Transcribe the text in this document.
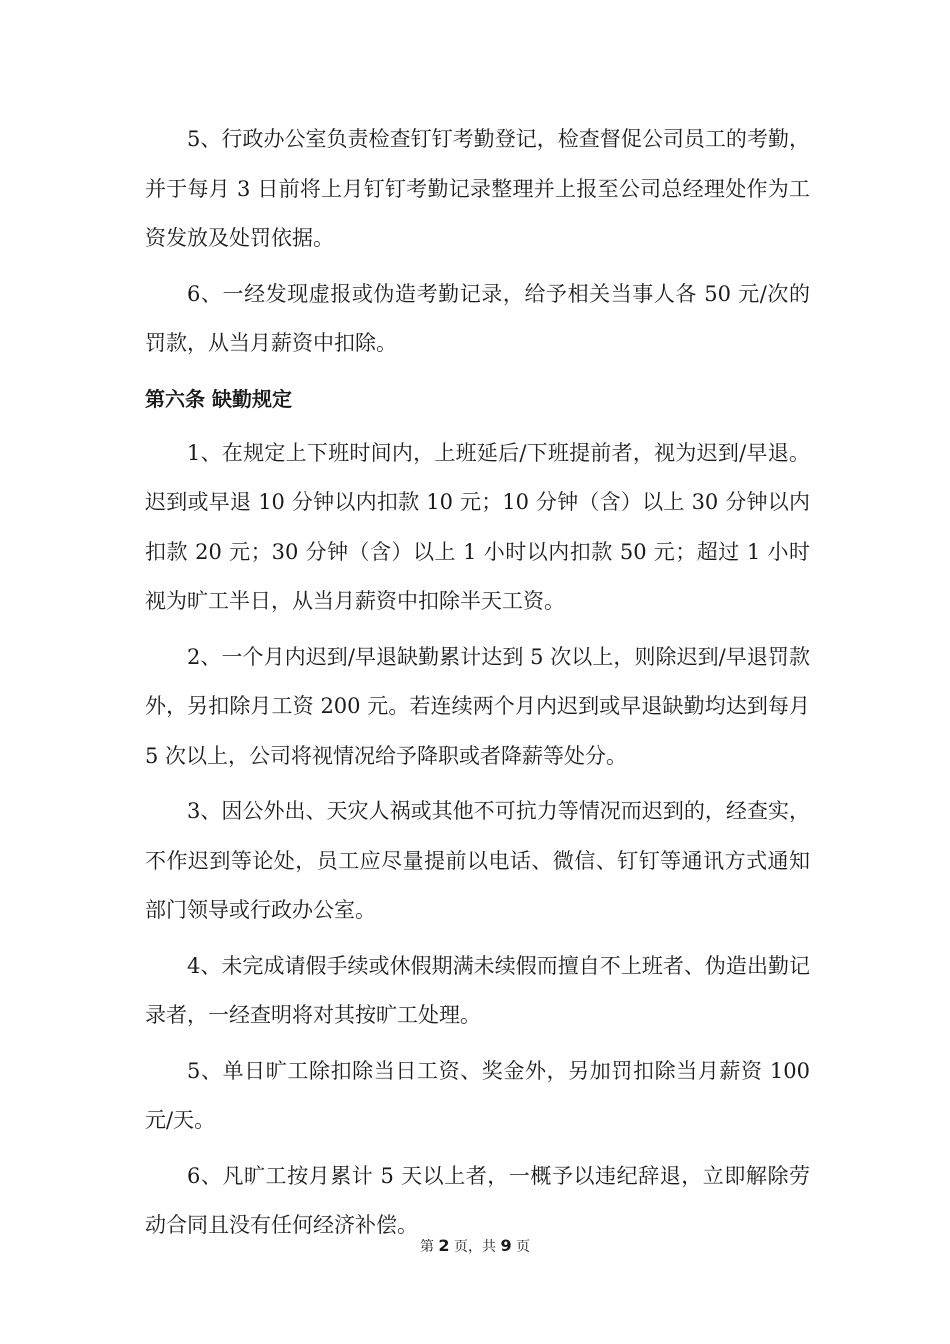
5、行政办公室负责检查钉钉考勤登记，检查督促公司员工的考勤，并于每月 3 日前将上月钉钉考勤记录整理并上报至公司总经理处作为工资发放及处罚依据。

6、一经发现虚报或伪造考勤记录，给予相关当事人各 50 元/次的罚款，从当月薪资中扣除。

第六条 缺勤规定

1、在规定上下班时间内，上班延后/下班提前者，视为迟到/早退。迟到或早退 10 分钟以内扣款 10 元；10 分钟（含）以上 30 分钟以内扣款 20 元；30 分钟（含）以上 1 小时以内扣款 50 元；超过 1 小时视为旷工半日，从当月薪资中扣除半天工资。

2、一个月内迟到/早退缺勤累计达到 5 次以上，则除迟到/早退罚款外，另扣除月工资 200 元。若连续两个月内迟到或早退缺勤均达到每月 5 次以上，公司将视情况给予降职或者降薪等处分。

3、因公外出、天灾人祸或其他不可抗力等情况而迟到的，经查实，不作迟到等论处，员工应尽量提前以电话、微信、钉钉等通讯方式通知部门领导或行政办公室。

4、未完成请假手续或休假期满未续假而擅自不上班者、伪造出勤记录者，一经查明将对其按旷工处理。

5、单日旷工除扣除当日工资、奖金外，另加罚扣除当月薪资 100 元/天。

6、凡旷工按月累计 5 天以上者，一概予以违纪辞退，立即解除劳动合同且没有任何经济补偿。

第 2 页，共 9 页
